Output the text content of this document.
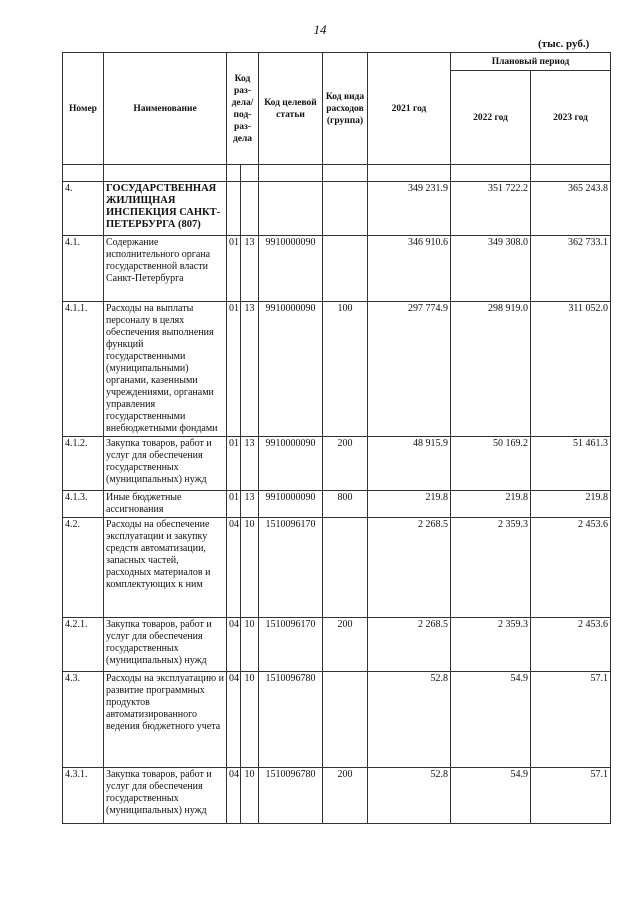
14
(тыс. руб.)
Номер	Наименование	Код раз-дела/ под-раз-дела		Код целевой статьи	Код вида расходов (группа)	2021 год	Плановый период	
							2022 год	2023 год

4.	ГОСУДАРСТВЕННАЯ ЖИЛИЩНАЯ ИНСПЕКЦИЯ САНКТ-ПЕТЕРБУРГА (807)					349 231.9	351 722.2	365 243.8
4.1.	Содержание исполнительного органа государственной власти Санкт-Петербурга	01	13	9910000090		346 910.6	349 308.0	362 733.1
4.1.1.	Расходы на выплаты персоналу в целях обеспечения выполнения функций государственными (муниципальными) органами, казенными учреждениями, органами управления государственными внебюджетными фондами	01	13	9910000090	100	297 774.9	298 919.0	311 052.0
4.1.2.	Закупка товаров, работ и услуг для обеспечения государственных (муниципальных) нужд	01	13	9910000090	200	48 915.9	50 169.2	51 461.3
4.1.3.	Иные бюджетные ассигнования	01	13	9910000090	800	219.8	219.8	219.8
4.2.	Расходы на обеспечение эксплуатации и закупку средств автоматизации, запасных частей, расходных материалов и комплектующих к ним	04	10	1510096170		2 268.5	2 359.3	2 453.6
4.2.1.	Закупка товаров, работ и услуг для обеспечения государственных (муниципальных) нужд	04	10	1510096170	200	2 268.5	2 359.3	2 453.6
4.3.	Расходы на эксплуатацию и развитие программных продуктов автоматизированного ведения бюджетного учета	04	10	1510096780		52.8	54.9	57.1
4.3.1.	Закупка товаров, работ и услуг для обеспечения государственных (муниципальных) нужд	04	10	1510096780	200	52.8	54.9	57.1
